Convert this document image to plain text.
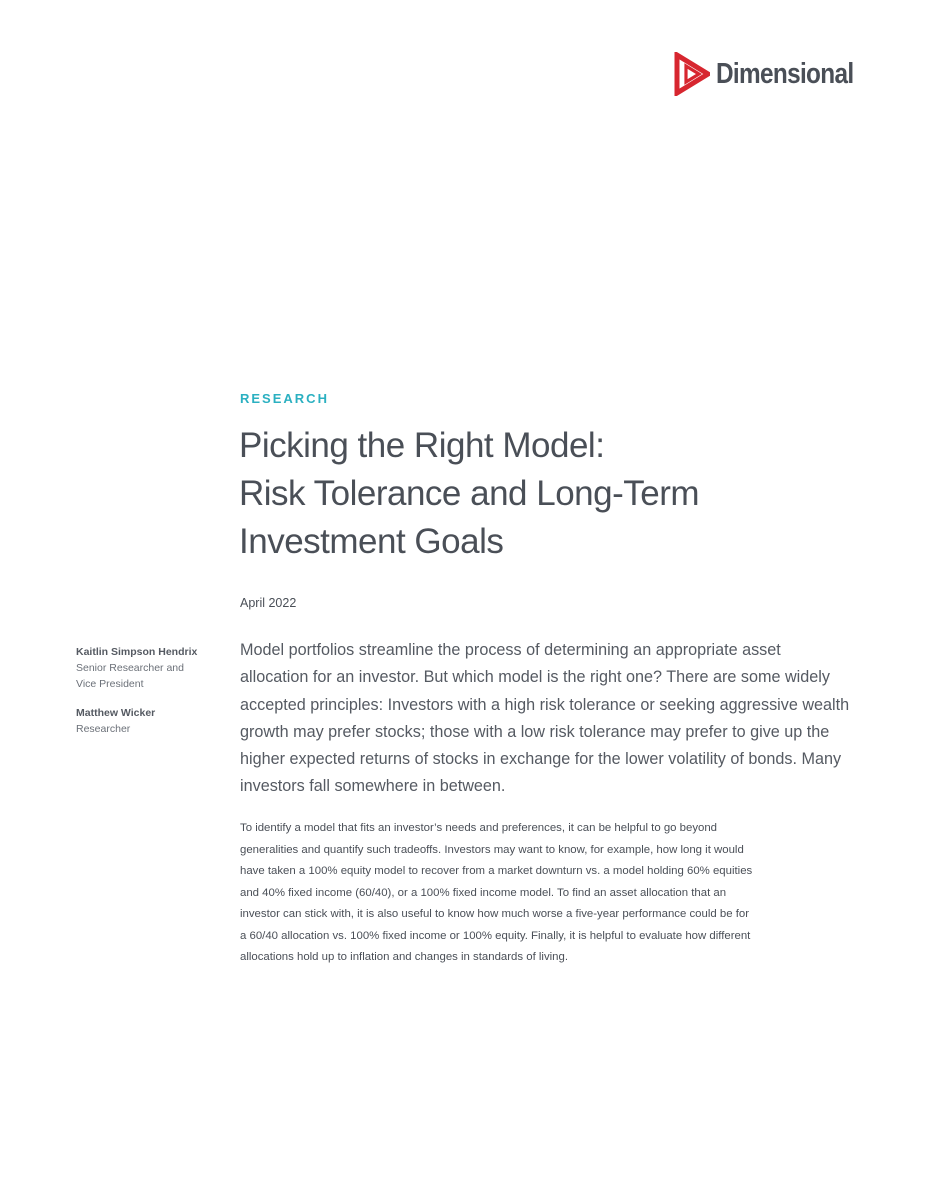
Dimensional
RESEARCH
Picking the Right Model:
Risk Tolerance and Long-Term
Investment Goals
April 2022
Kaitlin Simpson Hendrix
Senior Researcher and
Vice President
Matthew Wicker
Researcher
Model portfolios streamline the process of determining an appropriate asset
allocation for an investor. But which model is the right one? There are some widely
accepted principles: Investors with a high risk tolerance or seeking aggressive wealth
growth may prefer stocks; those with a low risk tolerance may prefer to give up the
higher expected returns of stocks in exchange for the lower volatility of bonds. Many
investors fall somewhere in between.
To identify a model that fits an investor’s needs and preferences, it can be helpful to go beyond
generalities and quantify such tradeoffs. Investors may want to know, for example, how long it would
have taken a 100% equity model to recover from a market downturn vs. a model holding 60% equities
and 40% fixed income (60/40), or a 100% fixed income model. To find an asset allocation that an
investor can stick with, it is also useful to know how much worse a five-year performance could be for
a 60/40 allocation vs. 100% fixed income or 100% equity. Finally, it is helpful to evaluate how different
allocations hold up to inflation and changes in standards of living.
